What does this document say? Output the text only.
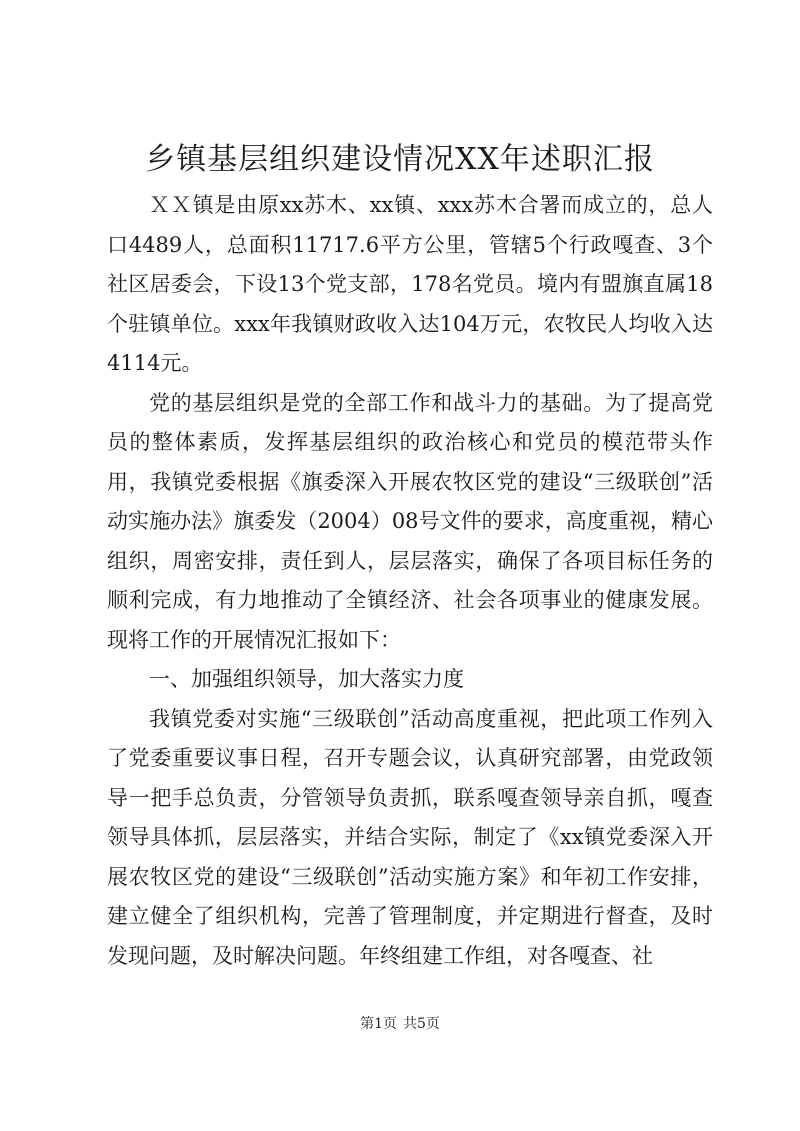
乡镇基层组织建设情况XX年述职汇报

ＸＸ镇是由原xx苏木、xx镇、xxx苏木合署而成立的，总人口4489人，总面积11717.6平方公里，管辖5个行政嘎查、3个社区居委会，下设13个党支部，178名党员。境内有盟旗直属18个驻镇单位。xxx年我镇财政收入达104万元，农牧民人均收入达4114元。

党的基层组织是党的全部工作和战斗力的基础。为了提高党员的整体素质，发挥基层组织的政治核心和党员的模范带头作用，我镇党委根据《旗委深入开展农牧区党的建设“三级联创”活动实施办法》旗委发（2004）08号文件的要求，高度重视，精心组织，周密安排，责任到人，层层落实，确保了各项目标任务的顺利完成，有力地推动了全镇经济、社会各项事业的健康发展。现将工作的开展情况汇报如下：

一、加强组织领导，加大落实力度

我镇党委对实施“三级联创”活动高度重视，把此项工作列入了党委重要议事日程，召开专题会议，认真研究部署，由党政领导一把手总负责，分管领导负责抓，联系嘎查领导亲自抓，嘎查领导具体抓，层层落实，并结合实际，制定了《xx镇党委深入开展农牧区党的建设“三级联创”活动实施方案》和年初工作安排，建立健全了组织机构，完善了管理制度，并定期进行督查，及时发现问题，及时解决问题。年终组建工作组，对各嘎查、社

第1页 共5页
